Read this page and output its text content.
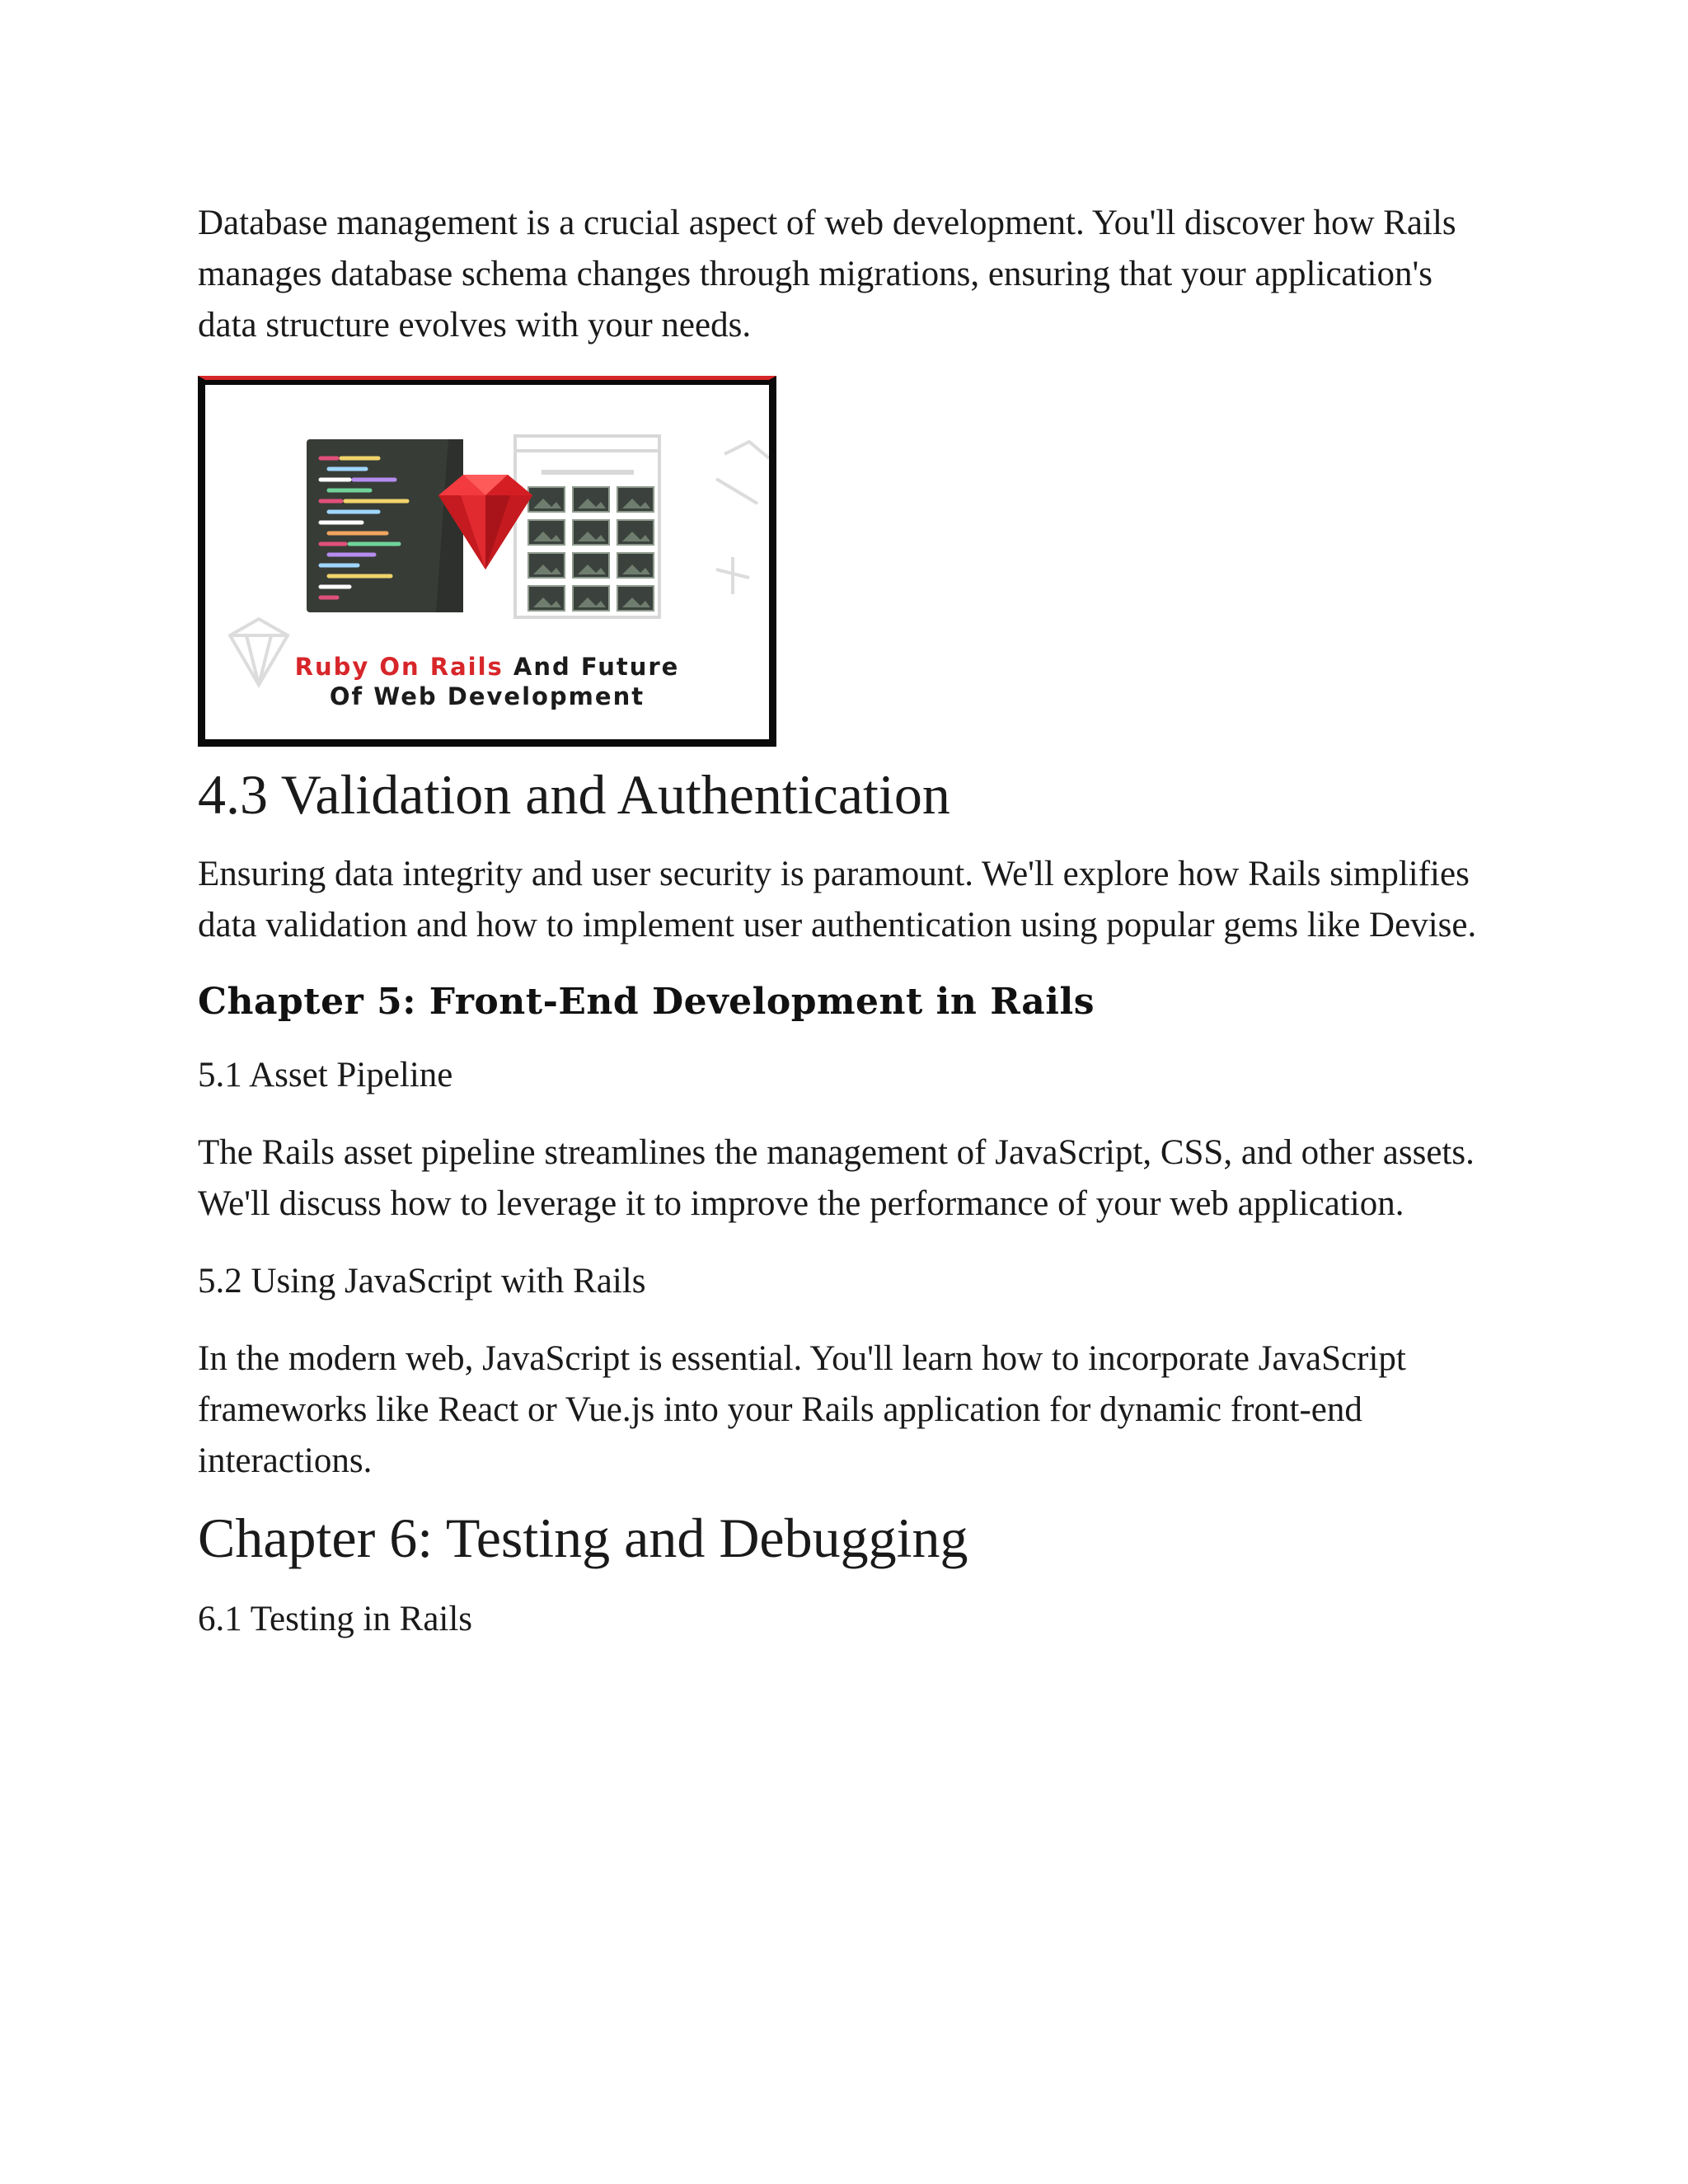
Database management is a crucial aspect of web development. You'll discover how Rails manages database schema changes through migrations, ensuring that your application's data structure evolves with your needs.

Ruby On Rails And Future
Of Web Development
4.3 Validation and Authentication

Ensuring data integrity and user security is paramount. We'll explore how Rails simplifies data validation and how to implement user authentication using popular gems like Devise.

Chapter 5: Front-End Development in Rails
5.1 Asset Pipeline

The Rails asset pipeline streamlines the management of JavaScript, CSS, and other assets. We'll discuss how to leverage it to improve the performance of your web application.

5.2 Using JavaScript with Rails

In the modern web, JavaScript is essential. You'll learn how to incorporate JavaScript frameworks like React or Vue.js into your Rails application for dynamic front-end interactions.

Chapter 6: Testing and Debugging
6.1 Testing in Rails
